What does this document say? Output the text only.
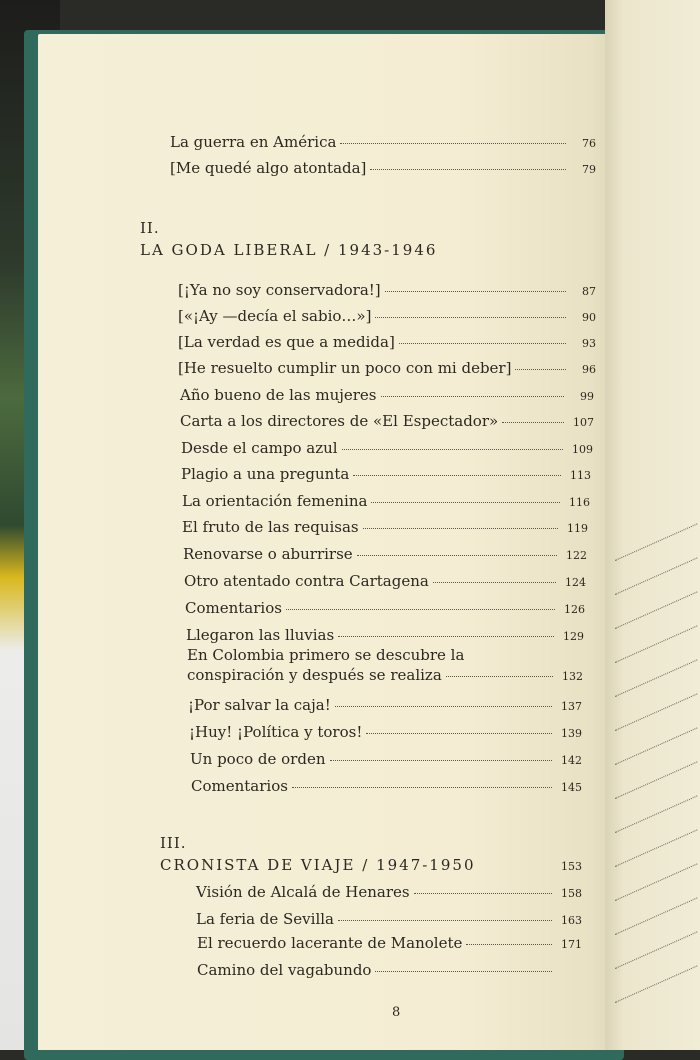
La guerra en América	76
[Me quedé algo atontada]	79
II.
LA GODA LIBERAL / 1943-1946
[¡Ya no soy conservadora!]	87
[«¡Ay —decía el sabio…»]	90
[La verdad es que a medida]	93
[He resuelto cumplir un poco con mi deber]	96
Año bueno de las mujeres	99
Carta a los directores de «El Espectador»	107
Desde el campo azul	109
Plagio a una pregunta	113
La orientación femenina	116
El fruto de las requisas	119
Renovarse o aburrirse	122
Otro atentado contra Cartagena	124
Comentarios	126
Llegaron las lluvias	129
En Colombia primero se descubre la
conspiración y después se realiza	132
¡Por salvar la caja!	137
¡Huy! ¡Política y toros!	139
Un poco de orden	142
Comentarios	145
III.
CRONISTA DE VIAJE / 1947-1950	153
Visión de Alcalá de Henares	158
La feria de Sevilla	163
El recuerdo lacerante de Manolete	171
Camino del vagabundo
8
